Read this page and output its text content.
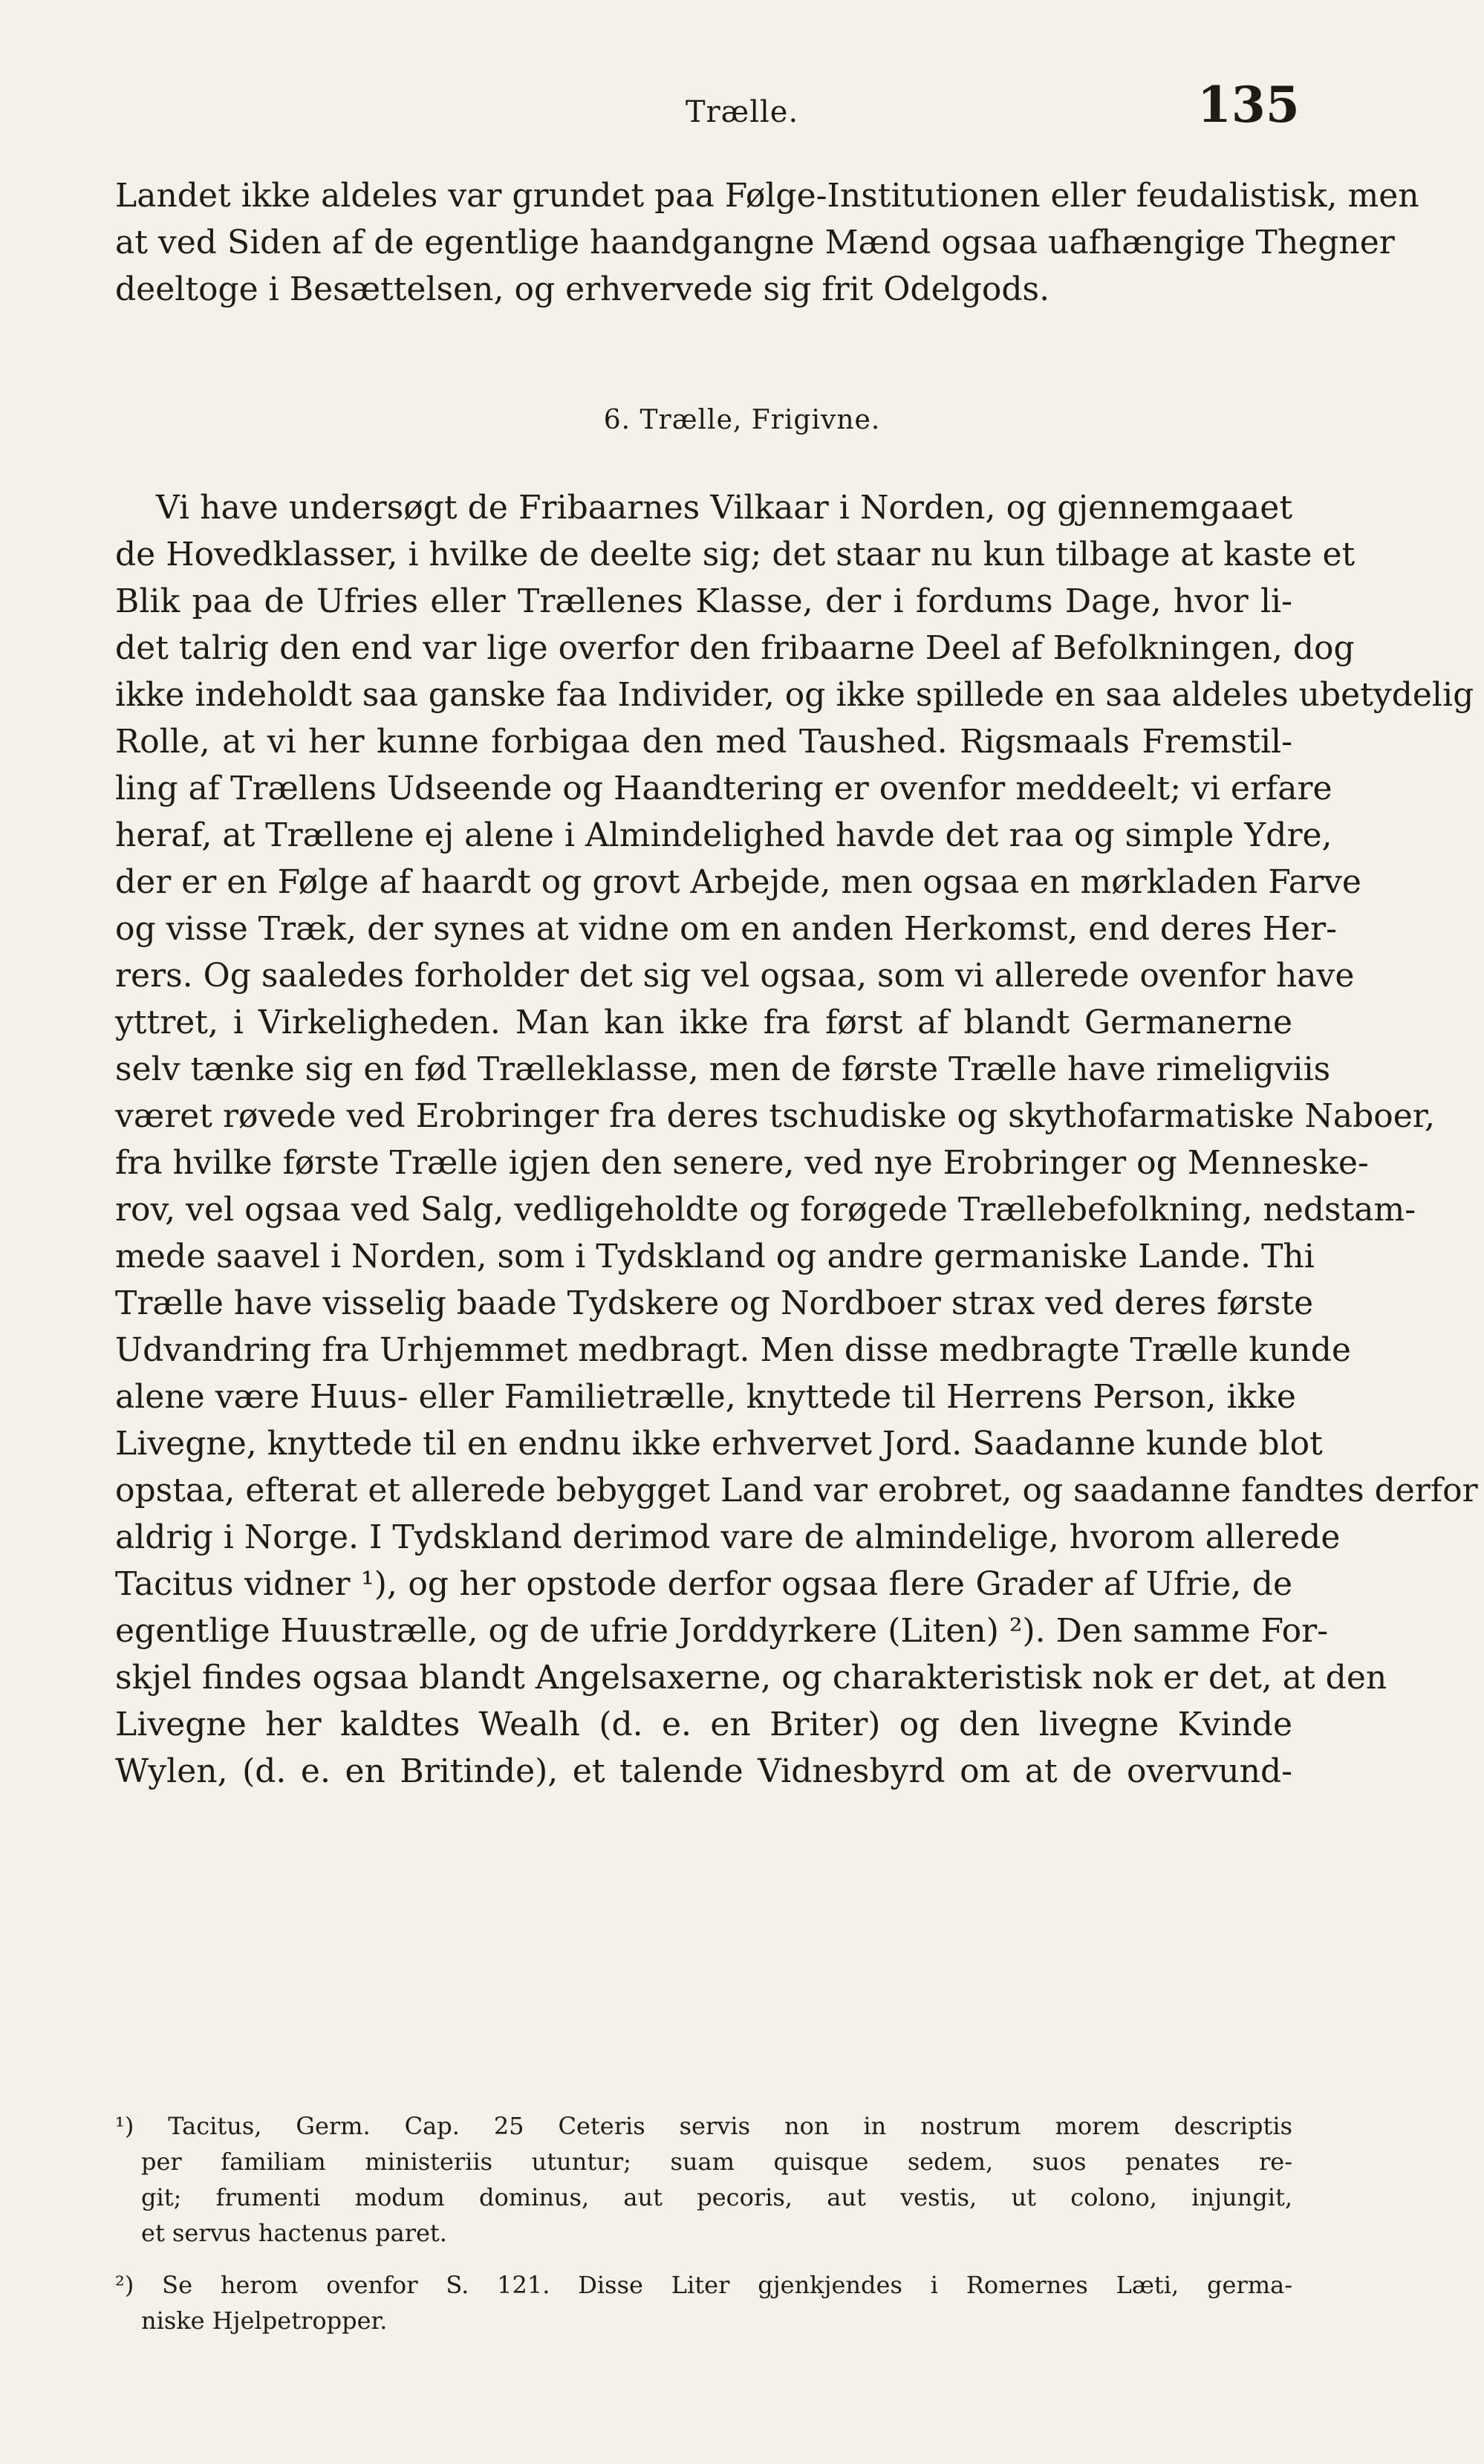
Trælle.	135
Landet ikke aldeles var grundet paa Følge-Institutionen eller feudalistisk, men
at ved Siden af de egentlige haandgangne Mænd ogsaa uafhængige Thegner
deeltoge i Besættelsen, og erhvervede sig frit Odelgods.
6. Trælle, Frigivne.
Vi have undersøgt de Fribaarnes Vilkaar i Norden, og gjennemgaaet
de Hovedklasser, i hvilke de deelte sig; det staar nu kun tilbage at kaste et
Blik paa de Ufries eller Trællenes Klasse, der i fordums Dage, hvor li-
det talrig den end var lige overfor den fribaarne Deel af Befolkningen, dog
ikke indeholdt saa ganske faa Individer, og ikke spillede en saa aldeles ubetydelig
Rolle, at vi her kunne forbigaa den med Taushed. Rigsmaals Fremstil-
ling af Trællens Udseende og Haandtering er ovenfor meddeelt; vi erfare
heraf, at Trællene ej alene i Almindelighed havde det raa og simple Ydre,
der er en Følge af haardt og grovt Arbejde, men ogsaa en mørkladen Farve
og visse Træk, der synes at vidne om en anden Herkomst, end deres Her-
rers. Og saaledes forholder det sig vel ogsaa, som vi allerede ovenfor have
yttret, i Virkeligheden. Man kan ikke fra først af blandt Germanerne
selv tænke sig en fød Trælleklasse, men de første Trælle have rimeligviis
været røvede ved Erobringer fra deres tschudiske og skythofarmatiske Naboer,
fra hvilke første Trælle igjen den senere, ved nye Erobringer og Menneske-
rov, vel ogsaa ved Salg, vedligeholdte og forøgede Træll​ebefolkning, nedstam-
mede saavel i Norden, som i Tydskland og andre germaniske Lande. Thi
Trælle have visselig baade Tydskere og Nordboer strax ved deres første
Udvandring fra Urhjemmet medbragt. Men disse medbragte Trælle kunde
alene være Huus- eller Familietrælle, knyttede til Herrens Person, ikke
Livegne, knyttede til en endnu ikke erhvervet Jord. Saadanne kunde blot
opstaa, efterat et allerede bebygget Land var erobret, og saadanne fandtes derfor
aldrig i Norge. I Tydskland derimod vare de almindelige, hvorom allerede
Tacitus vidner ¹), og her opstode derfor ogsaa flere Grader af Ufrie, de
egentlige Huustrælle, og de ufrie Jorddyrkere (Liten) ²). Den samme For-
skjel findes ogsaa blandt Angelsaxerne, og charakteristisk nok er det, at den
Livegne her kaldtes Wealh (d. e. en Briter) og den livegne Kvinde
Wylen, (d. e. en Britinde), et talende Vidnesbyrd om at de overvund-
¹) Tacitus, Germ. Cap. 25 Ceteris servis non in nostrum morem descriptis
per familiam ministeriis utuntur; suam quisque sedem, suos penates re-
git; frumenti modum dominus, aut pecoris, aut vestis, ut colono, injungit,
et servus hactenus paret.
²) Se herom ovenfor S. 121. Disse Liter gjenkjendes i Romernes Læti, germa-
niske Hjelpetropper.
